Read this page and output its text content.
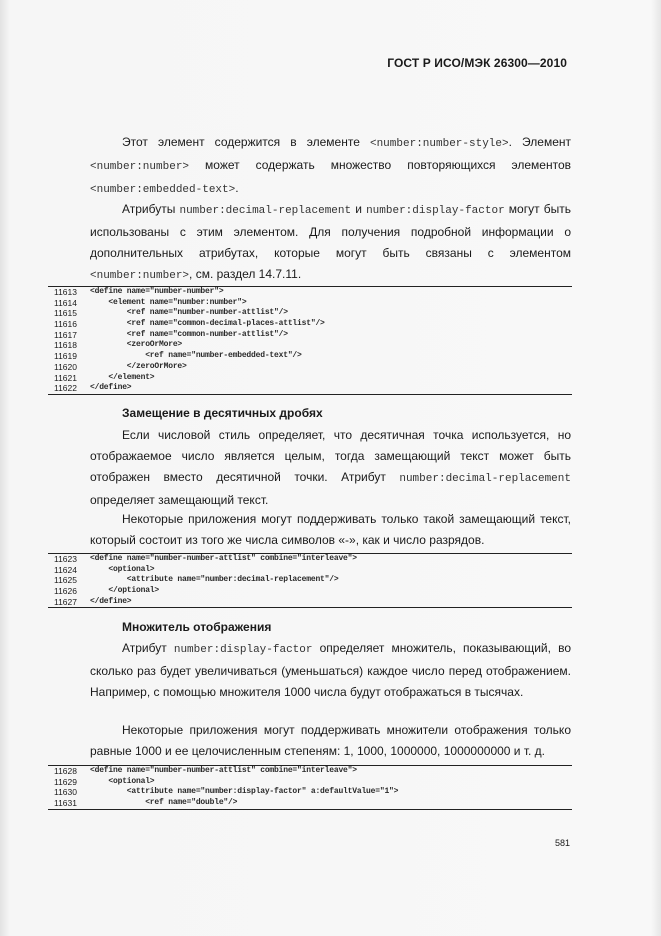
ГОСТ Р ИСО/МЭК 26300—2010
Этот элемент содержится в элементе <number:number-style>. Элемент <number:number> может содержать множество повторяющихся элементов <number:embedded-text>.
Атрибуты number:decimal-replacement и number:display-factor могут быть использованы с этим элементом. Для получения подробной информации о дополнительных атрибутах, которые могут быть связаны с элементом <number:number>, см. раздел 14.7.11.
11613 <define name="number-number">
11614 <element name="number:number">
11615 <ref name="number-number-attlist"/>
11616 <ref name="common-decimal-places-attlist"/>
11617 <ref name="common-number-attlist"/>
11618 <zeroOrMore>
11619 <ref name="number-embedded-text"/>
11620 </zeroOrMore>
11621 </element>
11622 </define>
Замещение в десятичных дробях
Если числовой стиль определяет, что десятичная точка используется, но отображаемое число является целым, тогда замещающий текст может быть отображен вместо десятичной точки. Атрибут number:decimal-replacement определяет замещающий текст.
Некоторые приложения могут поддерживать только такой замещающий текст, который состоит из того же числа символов «-», как и число разрядов.
11623 <define name="number-number-attlist" combine="interleave">
11624 <optional>
11625 <attribute name="number:decimal-replacement"/>
11626 </optional>
11627 </define>
Множитель отображения
Атрибут number:display-factor определяет множитель, показывающий, во сколько раз будет увеличиваться (уменьшаться) каждое число перед отображением. Например, с помощью множителя 1000 числа будут отображаться в тысячах.
Некоторые приложения могут поддерживать множители отображения только равные 1000 и ее целочисленным степеням: 1, 1000, 1000000, 1000000000 и т. д.
11628 <define name="number-number-attlist" combine="interleave">
11629 <optional>
11630 <attribute name="number:display-factor" a:defaultValue="1">
11631 <ref name="double"/>
581
